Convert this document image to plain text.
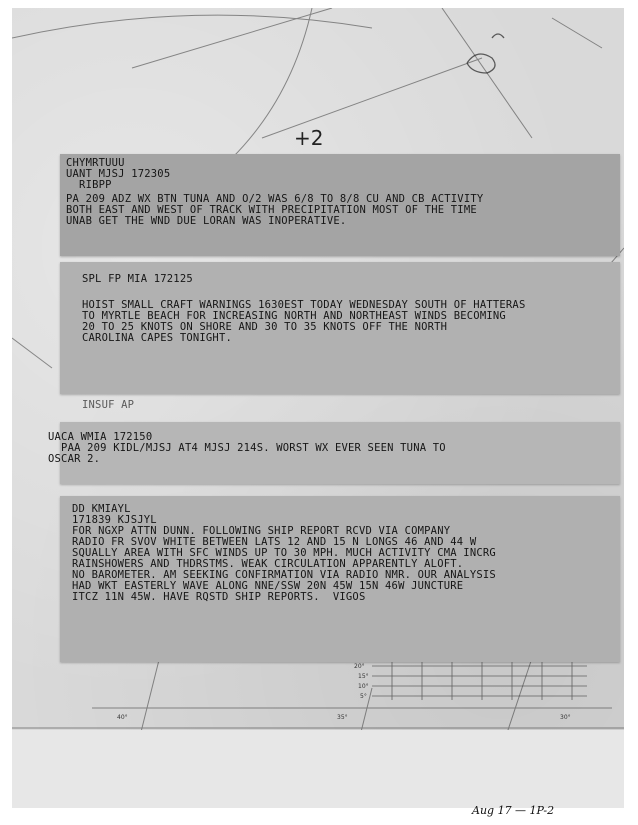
+2
CHYMRTUUU
UANT MJSJ 172305
RIBPP
PA 209 ADZ WX BTN TUNA AND O/2 WAS 6/8 TO 8/8 CU AND CB ACTIVITY
BOTH EAST AND WEST OF TRACK WITH PRECIPITATION MOST OF THE TIME
UNAB GET THE WND DUE LORAN WAS INOPERATIVE.
SPL FP MIA 172125
HOIST SMALL CRAFT WARNINGS 1630EST TODAY WEDNESDAY SOUTH OF HATTERAS
TO MYRTLE BEACH FOR INCREASING NORTH AND NORTHEAST WINDS BECOMING
20 TO 25 KNOTS ON SHORE AND 30 TO 35 KNOTS OFF THE NORTH
CAROLINA CAPES TONIGHT.
INSUF AP
UACA WMIA 172150
PAA 209 KIDL/MJSJ AT4 MJSJ 214S. WORST WX EVER SEEN TUNA TO
OSCAR 2.
DD KMIAYL
171839 KJSJYL
FOR NGXP ATTN DUNN. FOLLOWING SHIP REPORT RCVD VIA COMPANY
RADIO FR SVOV WHITE BETWEEN LATS 12 AND 15 N LONGS 46 AND 44 W
SQUALLY AREA WITH SFC WINDS UP TO 30 MPH. MUCH ACTIVITY CMA INCRG
RAINSHOWERS AND THDRSTMS. WEAK CIRCULATION APPARENTLY ALOFT.
NO BAROMETER. AM SEEKING CONFIRMATION VIA RADIO NMR. OUR ANALYSIS
HAD WKT EASTERLY WAVE ALONG NNE/SSW 20N 45W 15N 46W JUNCTURE
ITCZ 11N 45W. HAVE RQSTD SHIP REPORTS.  VIGOS
20°
15°
10°
5°
40°	35°	30°
Aug 17 — 1P-2
